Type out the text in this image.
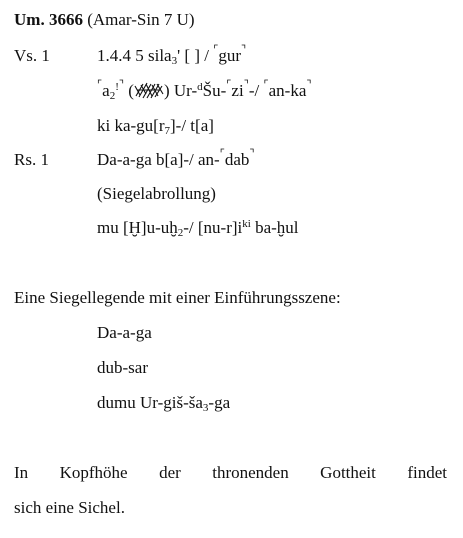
Um. 3666 (Amar-Sin 7 U)
Vs. 1	1.4.4 5 sila$_3$' [ ] / ⌜gur⌝
$^⌜a_2^{!⌝}$ ( ) Ur-$^d$Šu-⌜zi⌝-/ ⌜an-ka⌝
ki $ka-gu[r_7]-/$ t[a]
Rs. 1	Da-a-ga b[a]-/ an-⌜dab⌝
(Siegelabrollung)
mu [Ḫ]u-uḫ$_2$-/ $[nu-r]i^{ki}$ ba-ḫul
Eine Siegellegende mit einer Einführungsszene:
Da-a-ga
dub-sar
dumu $Ur-giš-ša_3-ga$
In Kopfhöhe der thronenden Gottheit findet
sich eine Sichel.
